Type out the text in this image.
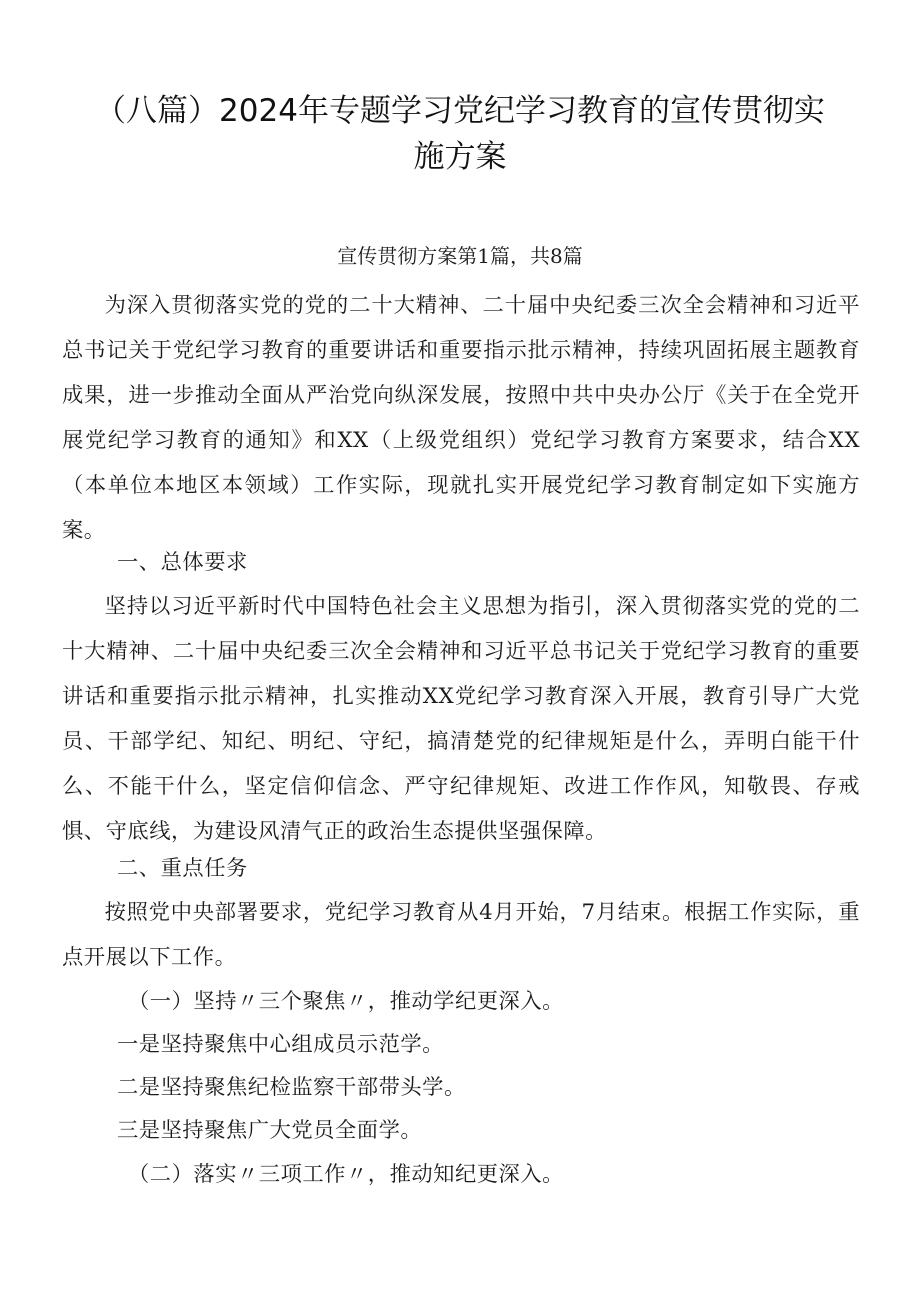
（八篇）2024年专题学习党纪学习教育的宣传贯彻实
施方案
宣传贯彻方案第1篇，共8篇

为深入贯彻落实党的党的二十大精神、二十届中央纪委三次全会精神和习近平总书记关于党纪学习教育的重要讲话和重要指示批示精神，持续巩固拓展主题教育成果，进一步推动全面从严治党向纵深发展，按照中共中央办公厅《关于在全党开展党纪学习教育的通知》和XX（上级党组织）党纪学习教育方案要求，结合XX（本单位本地区本领域）工作实际，现就扎实开展党纪学习教育制定如下实施方案。

一、总体要求

坚持以习近平新时代中国特色社会主义思想为指引，深入贯彻落实党的党的二十大精神、二十届中央纪委三次全会精神和习近平总书记关于党纪学习教育的重要讲话和重要指示批示精神，扎实推动XX党纪学习教育深入开展，教育引导广大党员、干部学纪、知纪、明纪、守纪，搞清楚党的纪律规矩是什么，弄明白能干什么、不能干什么，坚定信仰信念、严守纪律规矩、改进工作作风，知敬畏、存戒惧、守底线，为建设风清气正的政治生态提供坚强保障。

二、重点任务

按照党中央部署要求，党纪学习教育从4月开始，7月结束。根据工作实际，重点开展以下工作。

（一）坚持〃三个聚焦〃，推动学纪更深入。

一是坚持聚焦中心组成员示范学。

二是坚持聚焦纪检监察干部带头学。

三是坚持聚焦广大党员全面学。

（二）落实〃三项工作〃，推动知纪更深入。
